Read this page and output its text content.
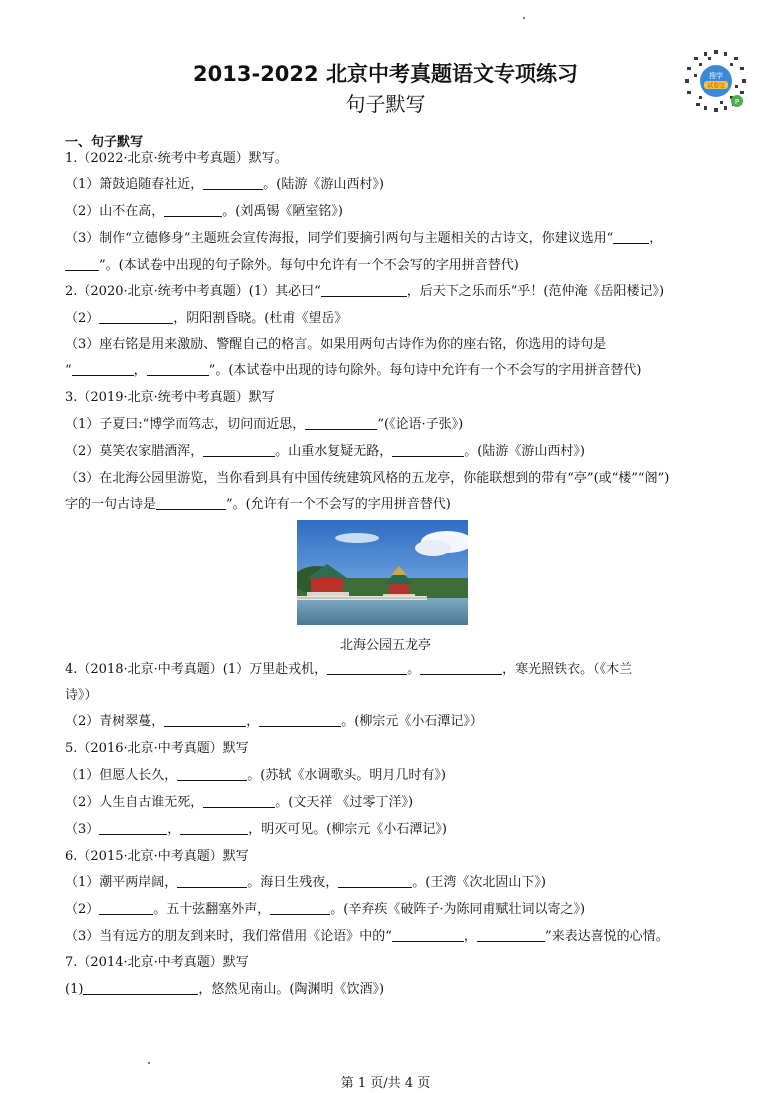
2013-2022 北京中考真题语文专项练习
句子默写
搜学
试卷宝
P
一、句子默写
1.（2022·北京·统考中考真题）默写。
（1）箫鼓追随春社近，	。(陆游《游山西村》)
（2）山不在高，	。(刘禹锡《陋室铭》)
（3）制作“立德修身”主题班会宣传海报，同学们要摘引两句与主题相关的古诗文，你建议选用“	，
”。(本试卷中出现的句子除外。每句中允许有一个不会写的字用拼音替代)
2.（2020·北京·统考中考真题）(1）其必曰“	，后天下之乐而乐”乎！(范仲淹《岳阳楼记》)
（2）	，阴阳割昏晓。(杜甫《望岳》
（3）座右铭是用来激励、警醒自己的格言。如果用两句古诗作为你的座右铭，你选用的诗句是
“	，	”。(本试卷中出现的诗句除外。每句诗中允许有一个不会写的字用拼音替代)
3.（2019·北京·统考中考真题）默写
（1）子夏曰:“博学而笃志，切问而近思，	”(《论语·子张》)
（2）莫笑农家腊酒浑，	。山重水复疑无路，	。(陆游《游山西村》)
（3）在北海公园里游览，当你看到具有中国传统建筑风格的五龙亭，你能联想到的带有“亭”(或“楼”“阁”)
字的一句古诗是	”。(允许有一个不会写的字用拼音替代)
4.（2018·北京·中考真题）(1）万里赴戎机，	。	，寒光照铁衣。（《木兰
诗》）
（2）青树翠蔓，	，	。(柳宗元《小石潭记》）
5.（2016·北京·中考真题）默写
（1）但愿人长久，	。(苏轼《水调歌头。明月几时有》)
（2）人生自古谁无死，	。(文天祥 《过零丁洋》)
（3）	，	，明灭可见。(柳宗元《小石潭记》)
6.（2015·北京·中考真题）默写
（1）潮平两岸阔，	。海日生残夜，	。(王湾《次北固山下》)
（2）	。五十弦翻塞外声，	。(辛弃疾《破阵子·为陈同甫赋壮词以寄之》)
（3）当有远方的朋友到来时，我们常借用《论语》中的“	，	”来表达喜悦的心情。
7.（2014·北京·中考真题）默写
(1)	，悠然见南山。(陶渊明《饮酒》)
北海公园五龙亭
第 1 页/共 4 页
